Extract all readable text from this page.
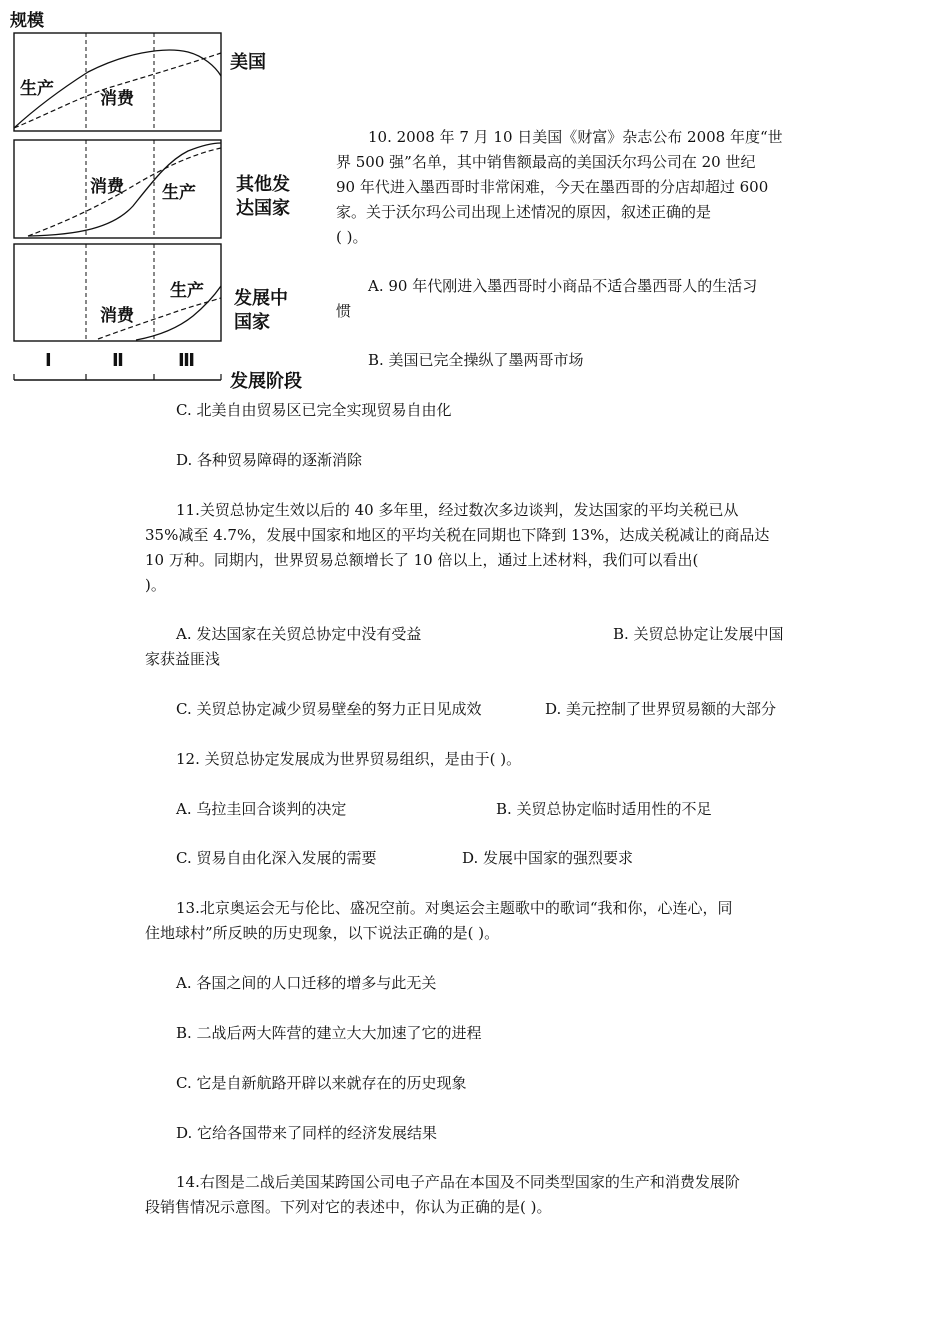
规模
生产	消费
美国
消费 生产 其他发
达国家
消费
生产 发展中
国家
Ⅰ	Ⅱ	Ⅲ
发展阶段
10. 2008 年 7 月 10 日美国《财富》杂志公布 2008 年度“世
界 500 强”名单，其中销售额最高的美国沃尔玛公司在 20 世纪
90 年代进入墨西哥时非常闲难，今天在墨西哥的分店却超过 600
家。关于沃尔玛公司出现上述情况的原因，叙述正确的是
( )。
A. 90 年代刚进入墨西哥时小商品不适合墨西哥人的生活习
惯
B. 美国已完全操纵了墨两哥市场
C. 北美自由贸易区已完全实现贸易自由化
D. 各种贸易障碍的逐渐消除
11.关贸总协定生效以后的 40 多年里，经过数次多边谈判，发达国家的平均关税已从
35%减至 4.7%，发展中国家和地区的平均关税在同期也下降到 13%，达成关税减让的商品达
10 万种。同期内，世界贸易总额增长了 10 倍以上，通过上述材料，我们可以看出(
)。
A. 发达国家在关贸总协定中没有受益	B. 关贸总协定让发展中国
家获益匪浅
C. 关贸总协定减少贸易壁垒的努力正日见成效	D. 美元控制了世界贸易额的大部分
12. 关贸总协定发展成为世界贸易组织，是由于( )。
A. 乌拉圭回合谈判的决定	B. 关贸总协定临时适用性的不足
C. 贸易自由化深入发展的需要	D. 发展中国家的强烈要求
13.北京奥运会无与伦比、盛况空前。对奥运会主题歌中的歌词“我和你，心连心，同
住地球村”所反映的历史现象，以下说法正确的是( )。
A. 各国之间的人口迁移的增多与此无关
B. 二战后两大阵营的建立大大加速了它的进程
C. 它是自新航路开辟以来就存在的历史现象
D. 它给各国带来了同样的经济发展结果
14.右图是二战后美国某跨国公司电子产品在本国及不同类型国家的生产和消费发展阶
段销售情况示意图。下列对它的表述中，你认为正确的是( )。
